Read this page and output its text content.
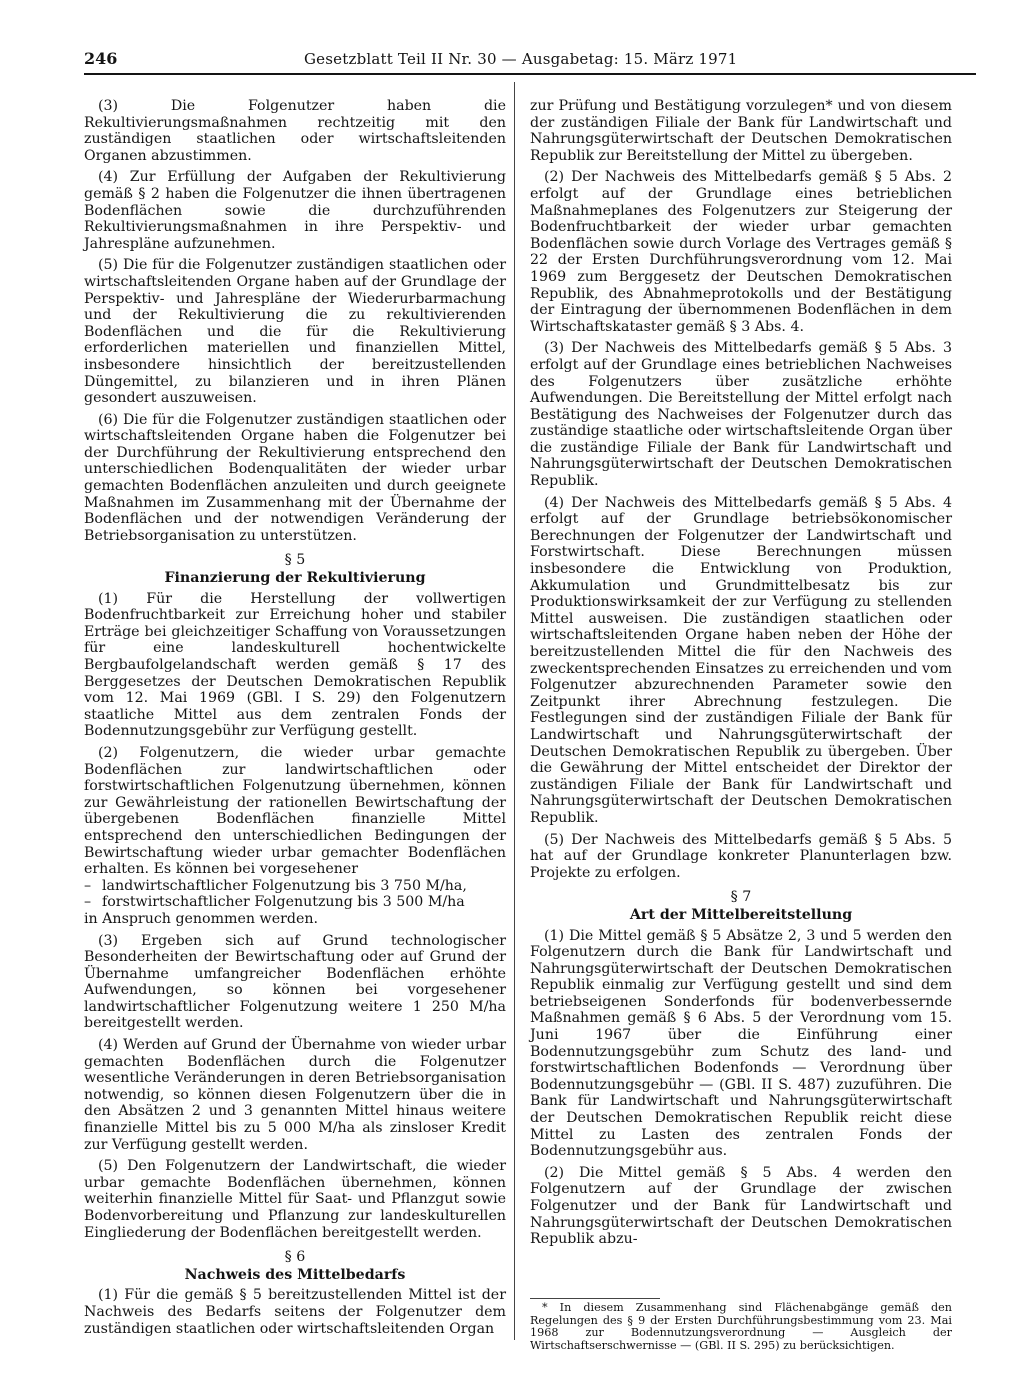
246	Gesetzblatt Teil II Nr. 30 — Ausgabetag: 15. März 1971

(3) Die Folgenutzer haben die Rekultivierungsmaßnahmen rechtzeitig mit den zuständigen staatlichen oder wirtschaftsleitenden Organen abzustimmen.

(4) Zur Erfüllung der Aufgaben der Rekultivierung gemäß § 2 haben die Folgenutzer die ihnen übertragenen Bodenflächen sowie die durchzuführenden Rekultivierungsmaßnahmen in ihre Perspektiv- und Jahrespläne aufzunehmen.

(5) Die für die Folgenutzer zuständigen staatlichen oder wirtschaftsleitenden Organe haben auf der Grundlage der Perspektiv- und Jahrespläne der Wiederurbarmachung und der Rekultivierung die zu rekultivierenden Bodenflächen und die für die Rekultivierung erforderlichen materiellen und finanziellen Mittel, insbesondere hinsichtlich der bereitzustellenden Düngemittel, zu bilanzieren und in ihren Plänen gesondert auszuweisen.

(6) Die für die Folgenutzer zuständigen staatlichen oder wirtschaftsleitenden Organe haben die Folgenutzer bei der Durchführung der Rekultivierung entsprechend den unterschiedlichen Bodenqualitäten der wieder urbar gemachten Bodenflächen anzuleiten und durch geeignete Maßnahmen im Zusammenhang mit der Übernahme der Bodenflächen und der notwendigen Veränderung der Betriebsorganisation zu unterstützen.

§ 5

Finanzierung der Rekultivierung

(1) Für die Herstellung der vollwertigen Bodenfruchtbarkeit zur Erreichung hoher und stabiler Erträge bei gleichzeitiger Schaffung von Voraussetzungen für eine landeskulturell hochentwickelte Bergbaufolgelandschaft werden gemäß § 17 des Berggesetzes der Deutschen Demokratischen Republik vom 12. Mai 1969 (GBl. I S. 29) den Folgenutzern staatliche Mittel aus dem zentralen Fonds der Bodennutzungsgebühr zur Verfügung gestellt.

(2) Folgenutzern, die wieder urbar gemachte Bodenflächen zur landwirtschaftlichen oder forstwirtschaftlichen Folgenutzung übernehmen, können zur Gewährleistung der rationellen Bewirtschaftung der übergebenen Bodenflächen finanzielle Mittel entsprechend den unterschiedlichen Bedingungen der Bewirtschaftung wieder urbar gemachter Bodenflächen erhalten. Es können bei vorgesehener

– landwirtschaftlicher Folgenutzung bis 3 750 M/ha,
– forstwirtschaftlicher Folgenutzung bis 3 500 M/ha

in Anspruch genommen werden.

(3) Ergeben sich auf Grund technologischer Besonderheiten der Bewirtschaftung oder auf Grund der Übernahme umfangreicher Bodenflächen erhöhte Aufwendungen, so können bei vorgesehener landwirtschaftlicher Folgenutzung weitere 1 250 M/ha bereitgestellt werden.

(4) Werden auf Grund der Übernahme von wieder urbar gemachten Bodenflächen durch die Folgenutzer wesentliche Veränderungen in deren Betriebsorganisation notwendig, so können diesen Folgenutzern über die in den Absätzen 2 und 3 genannten Mittel hinaus weitere finanzielle Mittel bis zu 5 000 M/ha als zinsloser Kredit zur Verfügung gestellt werden.

(5) Den Folgenutzern der Landwirtschaft, die wieder urbar gemachte Bodenflächen übernehmen, können weiterhin finanzielle Mittel für Saat- und Pflanzgut sowie Bodenvorbereitung und Pflanzung zur landeskulturellen Eingliederung der Bodenflächen bereitgestellt werden.

§ 6

Nachweis des Mittelbedarfs

(1) Für die gemäß § 5 bereitzustellenden Mittel ist der Nachweis des Bedarfs seitens der Folgenutzer dem zuständigen staatlichen oder wirtschaftsleitenden Organ

zur Prüfung und Bestätigung vorzulegen* und von diesem der zuständigen Filiale der Bank für Landwirtschaft und Nahrungsgüterwirtschaft der Deutschen Demokratischen Republik zur Bereitstellung der Mittel zu übergeben.

(2) Der Nachweis des Mittelbedarfs gemäß § 5 Abs. 2 erfolgt auf der Grundlage eines betrieblichen Maßnahmeplanes des Folgenutzers zur Steigerung der Bodenfruchtbarkeit der wieder urbar gemachten Bodenflächen sowie durch Vorlage des Vertrages gemäß § 22 der Ersten Durchführungsverordnung vom 12. Mai 1969 zum Berggesetz der Deutschen Demokratischen Republik, des Abnahmeprotokolls und der Bestätigung der Eintragung der übernommenen Bodenflächen in dem Wirtschaftskataster gemäß § 3 Abs. 4.

(3) Der Nachweis des Mittelbedarfs gemäß § 5 Abs. 3 erfolgt auf der Grundlage eines betrieblichen Nachweises des Folgenutzers über zusätzliche erhöhte Aufwendungen. Die Bereitstellung der Mittel erfolgt nach Bestätigung des Nachweises der Folgenutzer durch das zuständige staatliche oder wirtschaftsleitende Organ über die zuständige Filiale der Bank für Landwirtschaft und Nahrungsgüterwirtschaft der Deutschen Demokratischen Republik.

(4) Der Nachweis des Mittelbedarfs gemäß § 5 Abs. 4 erfolgt auf der Grundlage betriebsökonomischer Berechnungen der Folgenutzer der Landwirtschaft und Forstwirtschaft. Diese Berechnungen müssen insbesondere die Entwicklung von Produktion, Akkumulation und Grundmittelbesatz bis zur Produktionswirksamkeit der zur Verfügung zu stellenden Mittel ausweisen. Die zuständigen staatlichen oder wirtschaftsleitenden Organe haben neben der Höhe der bereitzustellenden Mittel die für den Nachweis des zweckentsprechenden Einsatzes zu erreichenden und vom Folgenutzer abzurechnenden Parameter sowie den Zeitpunkt ihrer Abrechnung festzulegen. Die Festlegungen sind der zuständigen Filiale der Bank für Landwirtschaft und Nahrungsgüterwirtschaft der Deutschen Demokratischen Republik zu übergeben. Über die Gewährung der Mittel entscheidet der Direktor der zuständigen Filiale der Bank für Landwirtschaft und Nahrungsgüterwirtschaft der Deutschen Demokratischen Republik.

(5) Der Nachweis des Mittelbedarfs gemäß § 5 Abs. 5 hat auf der Grundlage konkreter Planunterlagen bzw. Projekte zu erfolgen.

§ 7

Art der Mittelbereitstellung

(1) Die Mittel gemäß § 5 Absätze 2, 3 und 5 werden den Folgenutzern durch die Bank für Landwirtschaft und Nahrungsgüterwirtschaft der Deutschen Demokratischen Republik einmalig zur Verfügung gestellt und sind dem betriebseigenen Sonderfonds für bodenverbessernde Maßnahmen gemäß § 6 Abs. 5 der Verordnung vom 15. Juni 1967 über die Einführung einer Bodennutzungsgebühr zum Schutz des land- und forstwirtschaftlichen Bodenfonds — Verordnung über Bodennutzungsgebühr — (GBl. II S. 487) zuzuführen. Die Bank für Landwirtschaft und Nahrungsgüterwirtschaft der Deutschen Demokratischen Republik reicht diese Mittel zu Lasten des zentralen Fonds der Bodennutzungsgebühr aus.

(2) Die Mittel gemäß § 5 Abs. 4 werden den Folgenutzern auf der Grundlage der zwischen Folgenutzer und der Bank für Landwirtschaft und Nahrungsgüterwirtschaft der Deutschen Demokratischen Republik abzu-

* In diesem Zusammenhang sind Flächenabgänge gemäß den Regelungen des § 9 der Ersten Durchführungsbestimmung vom 23. Mai 1968 zur Bodennutzungsverordnung — Ausgleich der Wirtschaftserschwernisse — (GBl. II S. 295) zu berücksichtigen.
